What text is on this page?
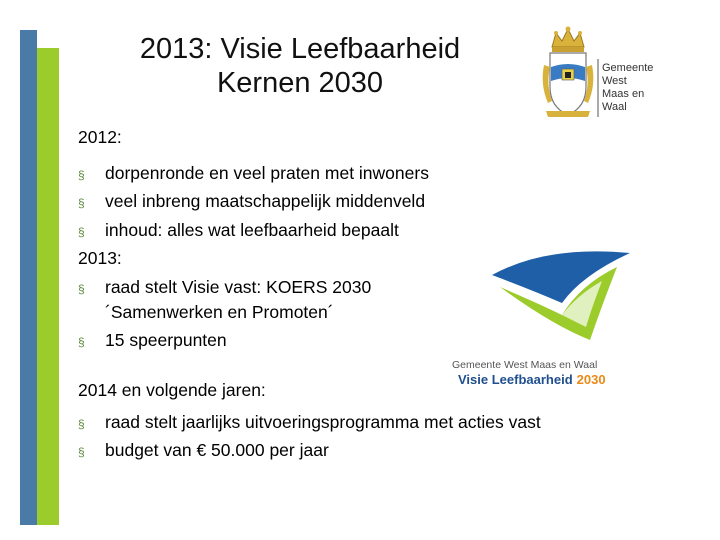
2013: Visie Leefbaarheid
Kernen 2030	Gemeente
West
Maas en
Waal
2012:
§	dorpenronde en veel praten met inwoners
§	veel inbreng maatschappelijk middenveld
§	inhoud: alles wat leefbaarheid bepaalt
2013:
§	raad stelt Visie vast: KOERS 2030
´Samenwerken en Promoten´
§	15 speerpunten
2014 en volgende jaren:
§	raad stelt jaarlijks uitvoeringsprogramma met acties vast
§	budget van € 50.000 per jaar
Gemeente West Maas en Waal
Visie Leefbaarheid 2030
